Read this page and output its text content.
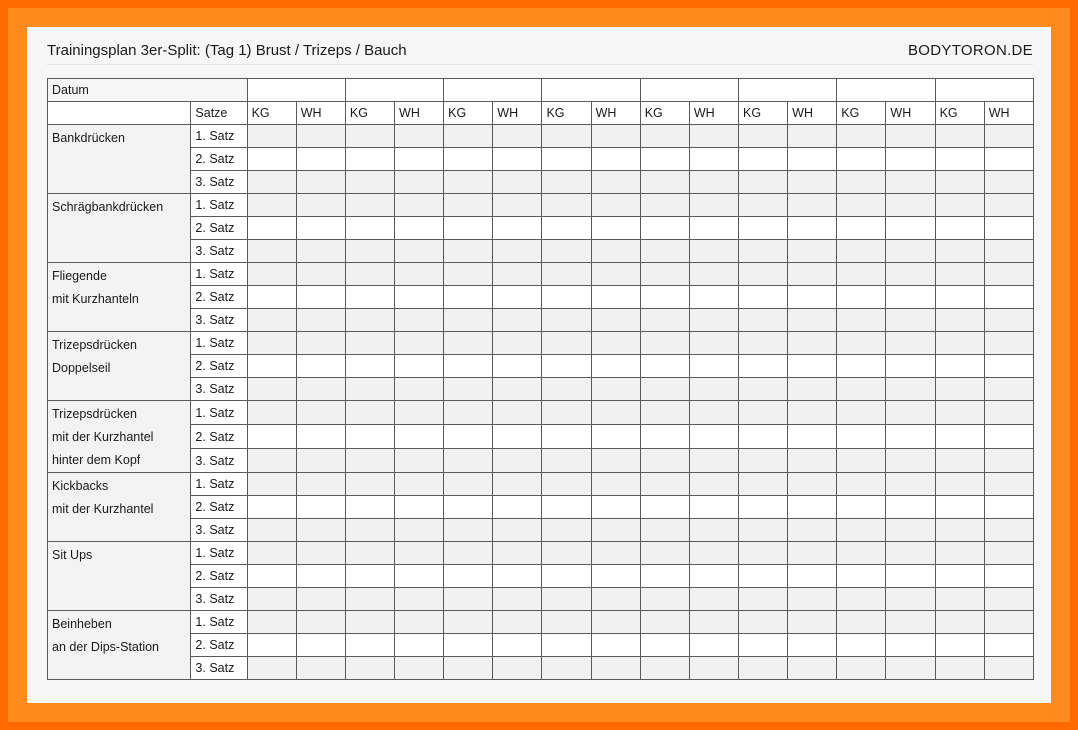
Trainingsplan 3er-Split: (Tag 1) Brust / Trizeps / Bauch	BODYTORON.DE
Datum																	
	Satze	KG	WH	KG	WH	KG	WH	KG	WH	KG	WH	KG	WH	KG	WH	KG	WH

Bankdrücken	1. Satz																
	2. Satz																
	3. Satz																

Schrägbankdrücken	1. Satz																
	2. Satz																
	3. Satz																

Fliegende
mit Kurzhanteln	1. Satz																
	2. Satz																
	3. Satz																

Trizepsdrücken
Doppelseil	1. Satz																
	2. Satz																
	3. Satz																

Trizepsdrücken
mit der Kurzhantel
hinter dem Kopf	1. Satz																
	2. Satz																
	3. Satz																

Kickbacks
mit der Kurzhantel	1. Satz																
	2. Satz																
	3. Satz																

Sit Ups	1. Satz																
	2. Satz																
	3. Satz																

Beinheben
an der Dips-Station	1. Satz																
	2. Satz																
	3. Satz																
